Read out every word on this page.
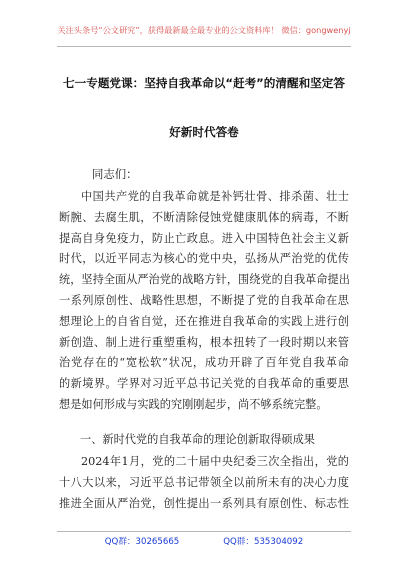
关注头条号“公文研究”，获得最新最全最专业的公文资料库！ 微信：gongwenyj
七一专题党课：坚持自我革命以“赶考”的清醒和坚定答
好新时代答卷
同志们：
中国共产党的自我革命就是补钙壮骨、排杀菌、壮士
断腕、去腐生肌，不断清除侵蚀党健康肌体的病毒，不断
提高自身免疫力，防止亡政息。进入中国特色社会主义新
时代，以近平同志为核心的党中央，弘扬从严治党的优传
统，坚持全面从严治党的战略方针，围绕党的自我革命提出
一系列原创性、战略性思想，不断提了党的自我革命在思
想理论上的自省自觉，还在推进自我革命的实践上进行创
新创造、制上进行重塑重构，根本扭转了一段时期以来管
治党存在的“宽松软”状况，成功开辟了百年党自我革命
的新境界。学界对习近平总书记关党的自我革命的重要思
想是如何形成与实践的究刚刚起步，尚不够系统完整。
一、新时代党的自我革命的理论创新取得硕成果
2024年1月，党的二十届中央纪委三次全指出，党的
十八大以来，习近平总书记带领全以前所未有的决心力度
推进全面从严治党，创性提出一系列具有原创性、标志性
QQ群：30265665	QQ群：535304092
